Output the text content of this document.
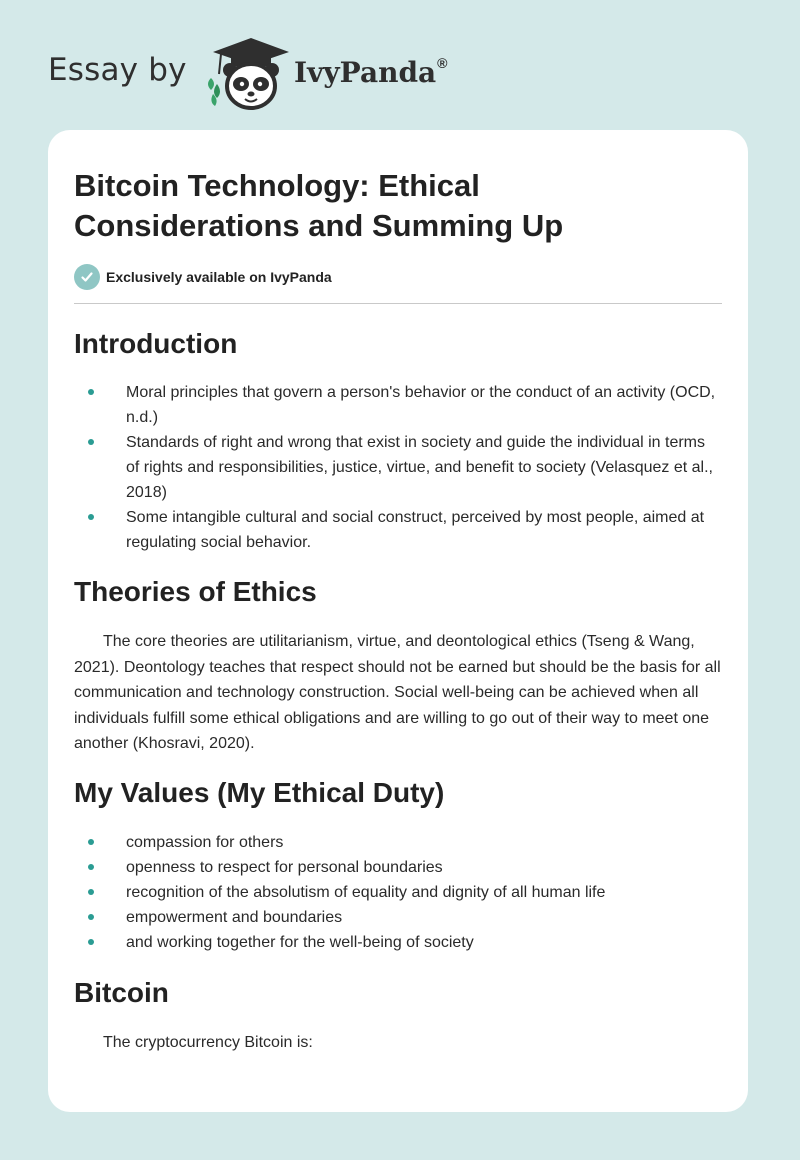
Essay by	IvyPanda®
Bitcoin Technology: Ethical Considerations and Summing Up
Exclusively available on IvyPanda
Introduction
Moral principles that govern a person's behavior or the conduct of an activity (OCD, n.d.)
Standards of right and wrong that exist in society and guide the individual in terms of rights and responsibilities, justice, virtue, and benefit to society (Velasquez et al., 2018)
Some intangible cultural and social construct, perceived by most people, aimed at regulating social behavior.
Theories of Ethics

The core theories are utilitarianism, virtue, and deontological ethics (Tseng & Wang, 2021). Deontology teaches that respect should not be earned but should be the basis for all communication and technology construction. Social well-being can be achieved when all individuals fulfill some ethical obligations and are willing to go out of their way to meet one another (Khosravi, 2020).

My Values (My Ethical Duty)
compassion for others
openness to respect for personal boundaries
recognition of the absolutism of equality and dignity of all human life
empowerment and boundaries
and working together for the well-being of society
Bitcoin

The cryptocurrency Bitcoin is:
